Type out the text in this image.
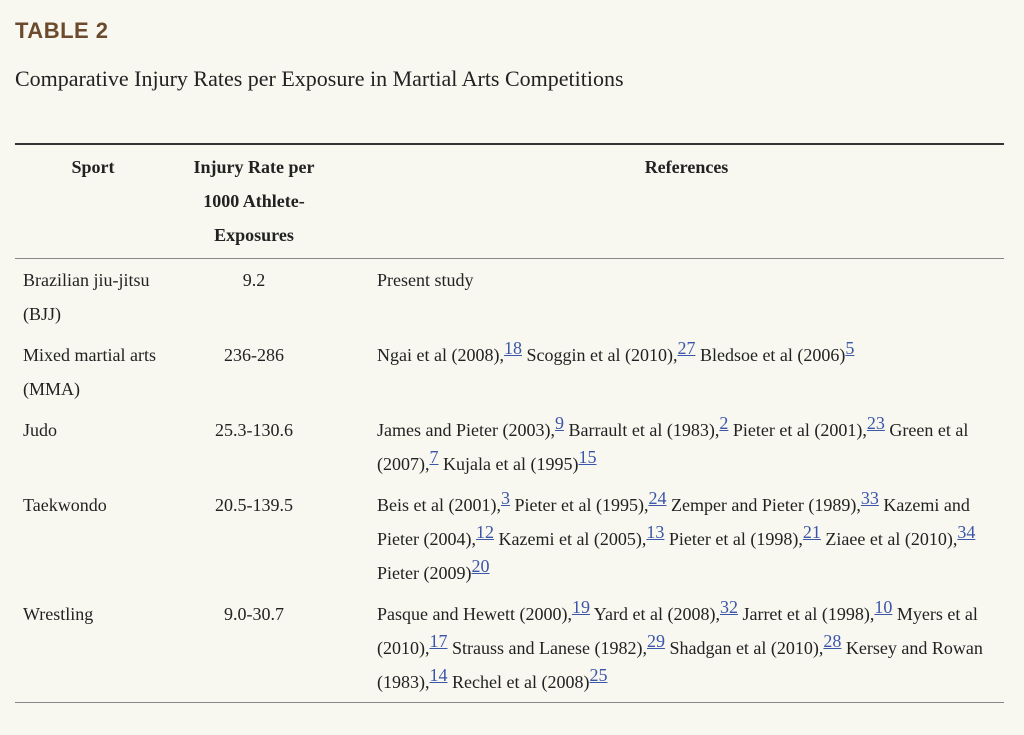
TABLE 2
Comparative Injury Rates per Exposure in Martial Arts Competitions
Sport	Injury Rate per 1000 Athlete-Exposures	References
Brazilian jiu-jitsu (BJJ)	9.2	Present study
Mixed martial arts (MMA)	236-286	Ngai et al (2008),18 Scoggin et al (2010),27 Bledsoe et al (2006)5
Judo	25.3-130.6	James and Pieter (2003),9 Barrault et al (1983),2 Pieter et al (2001),23 Green et al (2007),7 Kujala et al (1995)15
Taekwondo	20.5-139.5	Beis et al (2001),3 Pieter et al (1995),24 Zemper and Pieter (1989),33 Kazemi and Pieter (2004),12 Kazemi et al (2005),13 Pieter et al (1998),21 Ziaee et al (2010),34 Pieter (2009)20
Wrestling	9.0-30.7	Pasque and Hewett (2000),19 Yard et al (2008),32 Jarret et al (1998),10 Myers et al (2010),17 Strauss and Lanese (1982),29 Shadgan et al (2010),28 Kersey and Rowan (1983),14 Rechel et al (2008)25
